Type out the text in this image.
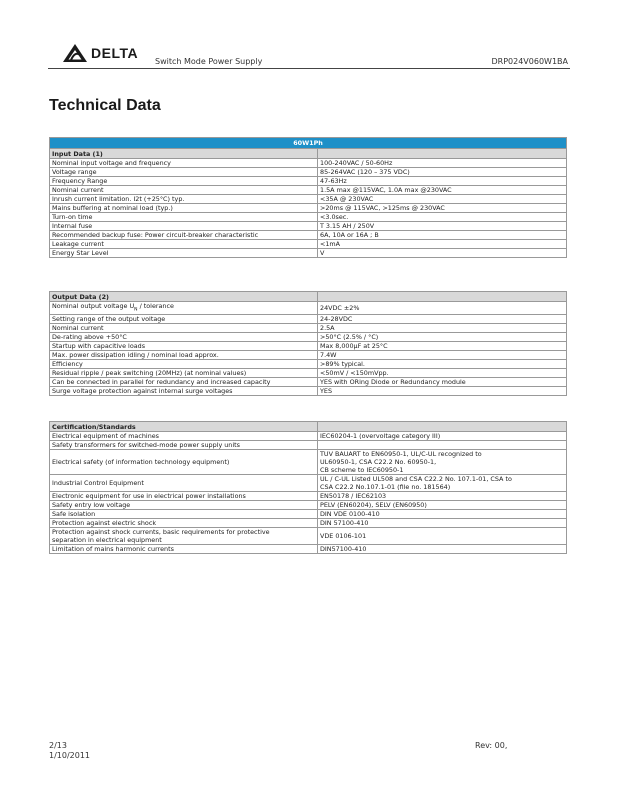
DELTA
Switch Mode Power Supply	DRP024V060W1BA
Technical Data
60W1Ph	
Input Data (1)	
Nominal input voltage and frequency	100-240VAC / 50-60Hz
Voltage range	85-264VAC (120 – 375 VDC)
Frequency Range	47-63Hz
Nominal current	1.5A max @115VAC, 1.0A max @230VAC
Inrush current limitation. I2t (+25°C) typ.	<35A @ 230VAC
Mains buffering at nominal load (typ.)	>20ms @ 115VAC, >125ms @ 230VAC
Turn-on time	<3.0sec.
Internal fuse	T 3.15 AH / 250V
Recommended backup fuse: Power circuit-breaker characteristic	6A, 10A or 16A ; B
Leakage current	<1mA
Energy Star Level	V
Output Data (2)	
Nominal output voltage $U_N$ / tolerance	24VDC ±2%
Setting range of the output voltage	24-28VDC
Nominal current	2.5A
De-rating above +50°C	>50°C (2.5% / °C)
Startup with capacitive loads	Max 8,000µF at 25°C
Max. power dissipation idling / nominal load approx.	7.4W
Efficiency	>89% typical.
Residual ripple / peak switching (20MHz) (at nominal values)	<50mV / <150mVpp.
Can be connected in parallel for redundancy and increased capacity	YES with ORing Diode or Redundancy module
Surge voltage protection against internal surge voltages	YES
Certification/Standards	
Electrical equipment of machines	IEC60204-1 (overvoltage category III)
Safety transformers for switched-mode power supply units	
Electrical safety (of information technology equipment)	TUV BAUART to EN60950-1, UL/C-UL recognized to
UL60950-1, CSA C22.2 No. 60950-1,
CB scheme to IEC60950-1

Industrial Control Equipment	UL / C-UL Listed UL508 and CSA C22.2 No. 107.1-01, CSA to
CSA C22.2 No.107.1-01 (file no. 181564)

Electronic equipment for use in electrical power installations	EN50178 / IEC62103
Safety entry low voltage	PELV (EN60204), SELV (EN60950)
Safe isolation	DIN VDE 0100-410
Protection against electric shock	DIN 57100-410

Protection against shock currents, basic requirements for protective
separation in electrical equipment	VDE 0106-101
Limitation of mains harmonic currents	DIN57100-410
2/13
1/10/2011
Rev: 00,
